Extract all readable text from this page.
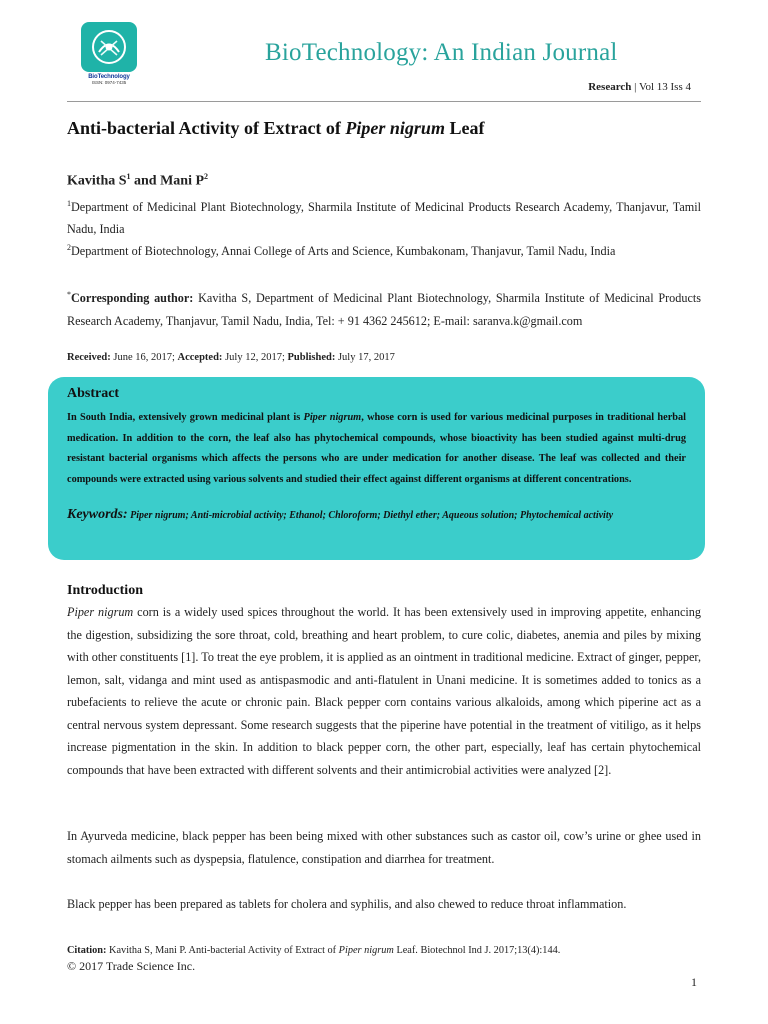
BioTechnology
ISSN: 0974-7435
BioTechnology: An Indian Journal
Research | Vol 13 Iss 4
Anti-bacterial Activity of Extract of Piper nigrum Leaf
Kavitha $S^1$ and Mani $P^2$
$^1$Department of Medicinal Plant Biotechnology, Sharmila Institute of Medicinal Products Research Academy, Thanjavur, Tamil Nadu, India
$^2$Department of Biotechnology, Annai College of Arts and Science, Kumbakonam, Thanjavur, Tamil Nadu, India
*Corresponding author: Kavitha S, Department of Medicinal Plant Biotechnology, Sharmila Institute of Medicinal Products Research Academy, Thanjavur, Tamil Nadu, India, Tel: + 91 4362 245612; E-mail: saranva.k@gmail.com
Received: June 16, 2017; Accepted: July 12, 2017; Published: July 17, 2017
Abstract
In South India, extensively grown medicinal plant is Piper nigrum, whose corn is used for various medicinal purposes in traditional herbal medication. In addition to the corn, the leaf also has phytochemical compounds, whose bioactivity has been studied against multi-drug resistant bacterial organisms which affects the persons who are under medication for another disease. The leaf was collected and their compounds were extracted using various solvents and studied their effect against different organisms at different concentrations.
Keywords: Piper nigrum; Anti-microbial activity; Ethanol; Chloroform; Diethyl ether; Aqueous solution; Phytochemical activity
Introduction
Piper nigrum corn is a widely used spices throughout the world. It has been extensively used in improving appetite, enhancing the digestion, subsidizing the sore throat, cold, breathing and heart problem, to cure colic, diabetes, anemia and piles by mixing with other constituents [1]. To treat the eye problem, it is applied as an ointment in traditional medicine. Extract of ginger, pepper, lemon, salt, vidanga and mint used as antispasmodic and anti-flatulent in Unani medicine. It is sometimes added to tonics as a rubefacients to relieve the acute or chronic pain. Black pepper corn contains various alkaloids, among which piperine act as a central nervous system depressant. Some research suggests that the piperine have potential in the treatment of vitiligo, as it helps increase pigmentation in the skin. In addition to black pepper corn, the other part, especially, leaf has certain phytochemical compounds that have been extracted with different solvents and their antimicrobial activities were analyzed [2].
In Ayurveda medicine, black pepper has been being mixed with other substances such as castor oil, cow’s urine or ghee used in stomach ailments such as dyspepsia, flatulence, constipation and diarrhea for treatment.
Black pepper has been prepared as tablets for cholera and syphilis, and also chewed to reduce throat inflammation.
Citation: Kavitha S, Mani P. Anti-bacterial Activity of Extract of Piper nigrum Leaf. Biotechnol Ind J. 2017;13(4):144.
© 2017 Trade Science Inc.
1
